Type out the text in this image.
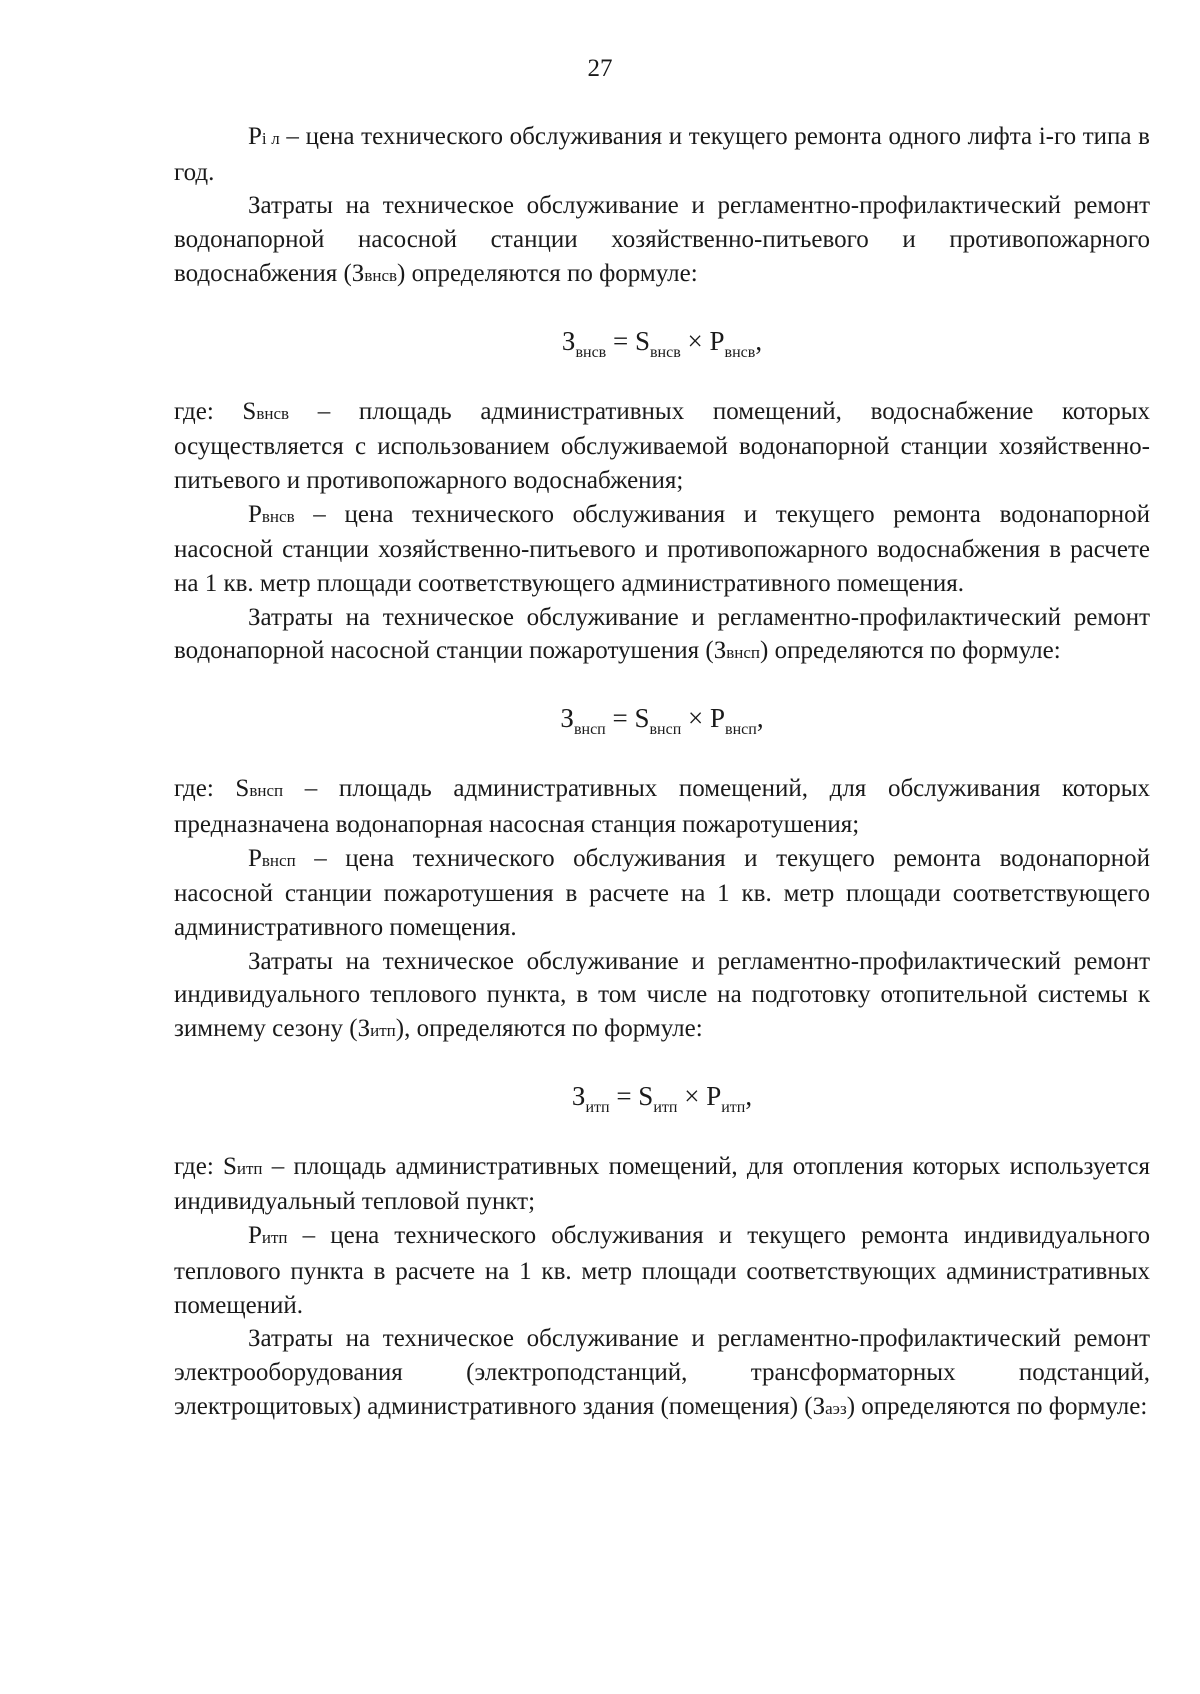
27

Pi л – цена технического обслуживания и текущего ремонта одного лифта i-го типа в год.

Затраты на техническое обслуживание и регламентно-профилактический ремонт водонапорной насосной станции хозяйственно-питьевого и противопожарного водоснабжения (Звнсв) определяются по формуле:

$З_{внсв} = S_{внсв} \times P_{внсв}$,

где: Sвнсв – площадь административных помещений, водоснабжение которых осуществляется с использованием обслуживаемой водонапорной станции хозяйственно-питьевого и противопожарного водоснабжения;

Pвнсв – цена технического обслуживания и текущего ремонта водонапорной насосной станции хозяйственно-питьевого и противопожарного водоснабжения в расчете на 1 кв. метр площади соответствующего административного помещения.

Затраты на техническое обслуживание и регламентно-профилактический ремонт водонапорной насосной станции пожаротушения (Звнсп) определяются по формуле:

$З_{внсп} = S_{внсп} \times P_{внсп}$,

где: Sвнсп – площадь административных помещений, для обслуживания которых предназначена водонапорная насосная станция пожаротушения;

Pвнсп – цена технического обслуживания и текущего ремонта водонапорной насосной станции пожаротушения в расчете на 1 кв. метр площади соответствующего административного помещения.

Затраты на техническое обслуживание и регламентно-профилактический ремонт индивидуального теплового пункта, в том числе на подготовку отопительной системы к зимнему сезону (Зитп), определяются по формуле:

$З_{итп} = S_{итп} \times P_{итп}$,

где: Sитп – площадь административных помещений, для отопления которых используется индивидуальный тепловой пункт;

Pитп – цена технического обслуживания и текущего ремонта индивидуального теплового пункта в расчете на 1 кв. метр площади соответствующих административных помещений.

Затраты на техническое обслуживание и регламентно-профилактический ремонт электрооборудования (электроподстанций, трансформаторных подстанций, электрощитовых) административного здания (помещения) (Заэз) определяются по формуле:
